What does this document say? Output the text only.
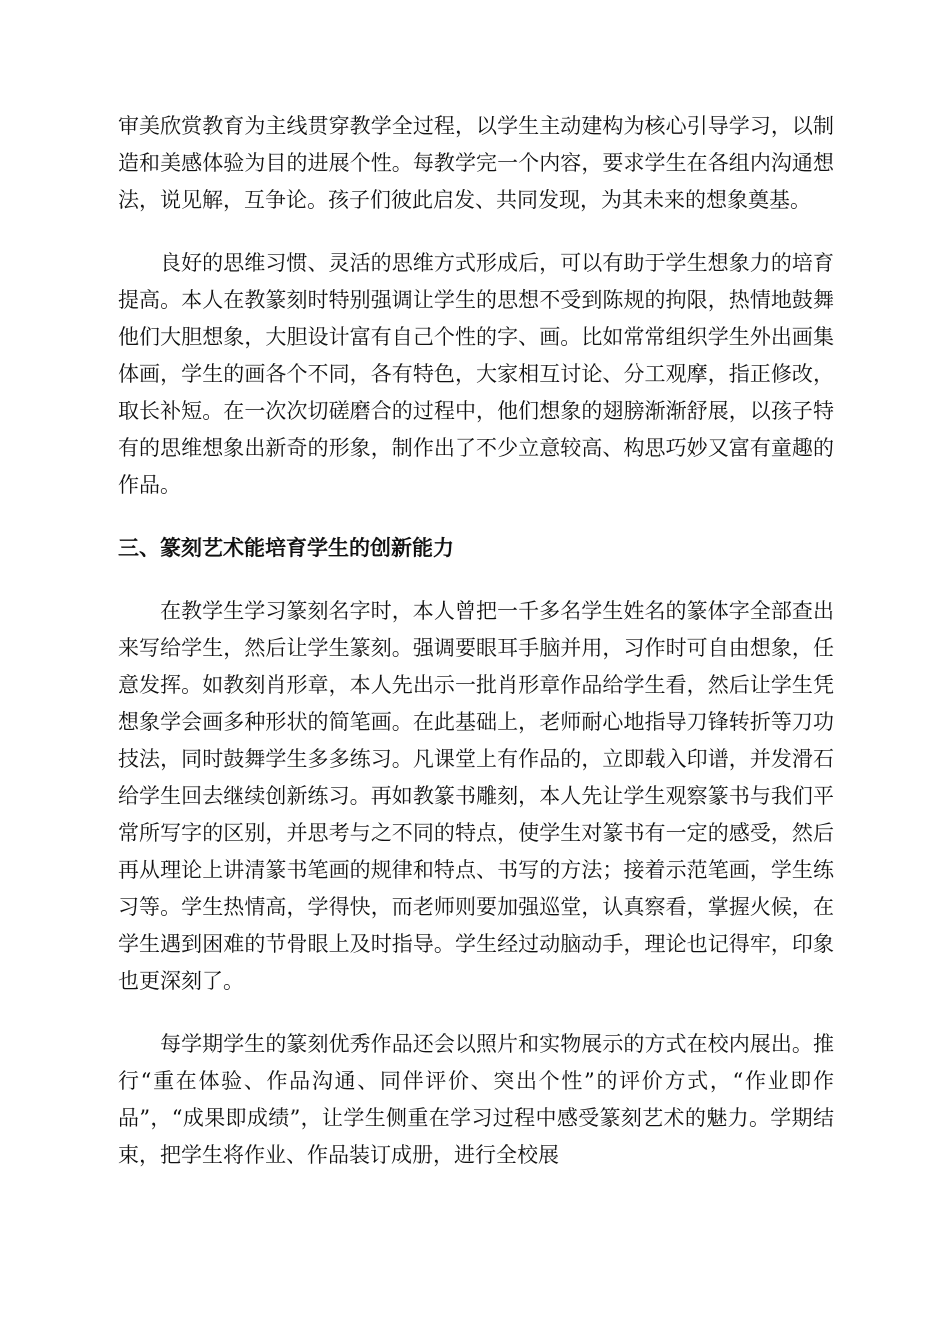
审美欣赏教育为主线贯穿教学全过程，以学生主动建构为核心引导学习，以制造和美感体验为目的进展个性。每教学完一个内容，要求学生在各组内沟通想法，说见解，互争论。孩子们彼此启发、共同发现，为其未来的想象奠基。

良好的思维习惯、灵活的思维方式形成后，可以有助于学生想象力的培育提高。本人在教篆刻时特别强调让学生的思想不受到陈规的拘限，热情地鼓舞他们大胆想象，大胆设计富有自己个性的字、画。比如常常组织学生外出画集体画，学生的画各个不同，各有特色，大家相互讨论、分工观摩，指正修改，取长补短。在一次次切磋磨合的过程中，他们想象的翅膀渐渐舒展，以孩子特有的思维想象出新奇的形象，制作出了不少立意较高、构思巧妙又富有童趣的作品。

三、篆刻艺术能培育学生的创新能力

在教学生学习篆刻名字时，本人曾把一千多名学生姓名的篆体字全部查出来写给学生，然后让学生篆刻。强调要眼耳手脑并用，习作时可自由想象，任意发挥。如教刻肖形章，本人先出示一批肖形章作品给学生看，然后让学生凭想象学会画多种形状的简笔画。在此基础上，老师耐心地指导刀锋转折等刀功技法，同时鼓舞学生多多练习。凡课堂上有作品的，立即载入印谱，并发滑石给学生回去继续创新练习。再如教篆书雕刻，本人先让学生观察篆书与我们平常所写字的区别，并思考与之不同的特点，使学生对篆书有一定的感受，然后再从理论上讲清篆书笔画的规律和特点、书写的方法；接着示范笔画，学生练习等。学生热情高，学得快，而老师则要加强巡堂，认真察看，掌握火候，在学生遇到困难的节骨眼上及时指导。学生经过动脑动手，理论也记得牢，印象也更深刻了。

每学期学生的篆刻优秀作品还会以照片和实物展示的方式在校内展出。推行“重在体验、作品沟通、同伴评价、突出个性”的评价方式，“作业即作品”，“成果即成绩”，让学生侧重在学习过程中感受篆刻艺术的魅力。学期结束，把学生将作业、作品装订成册，进行全校展
